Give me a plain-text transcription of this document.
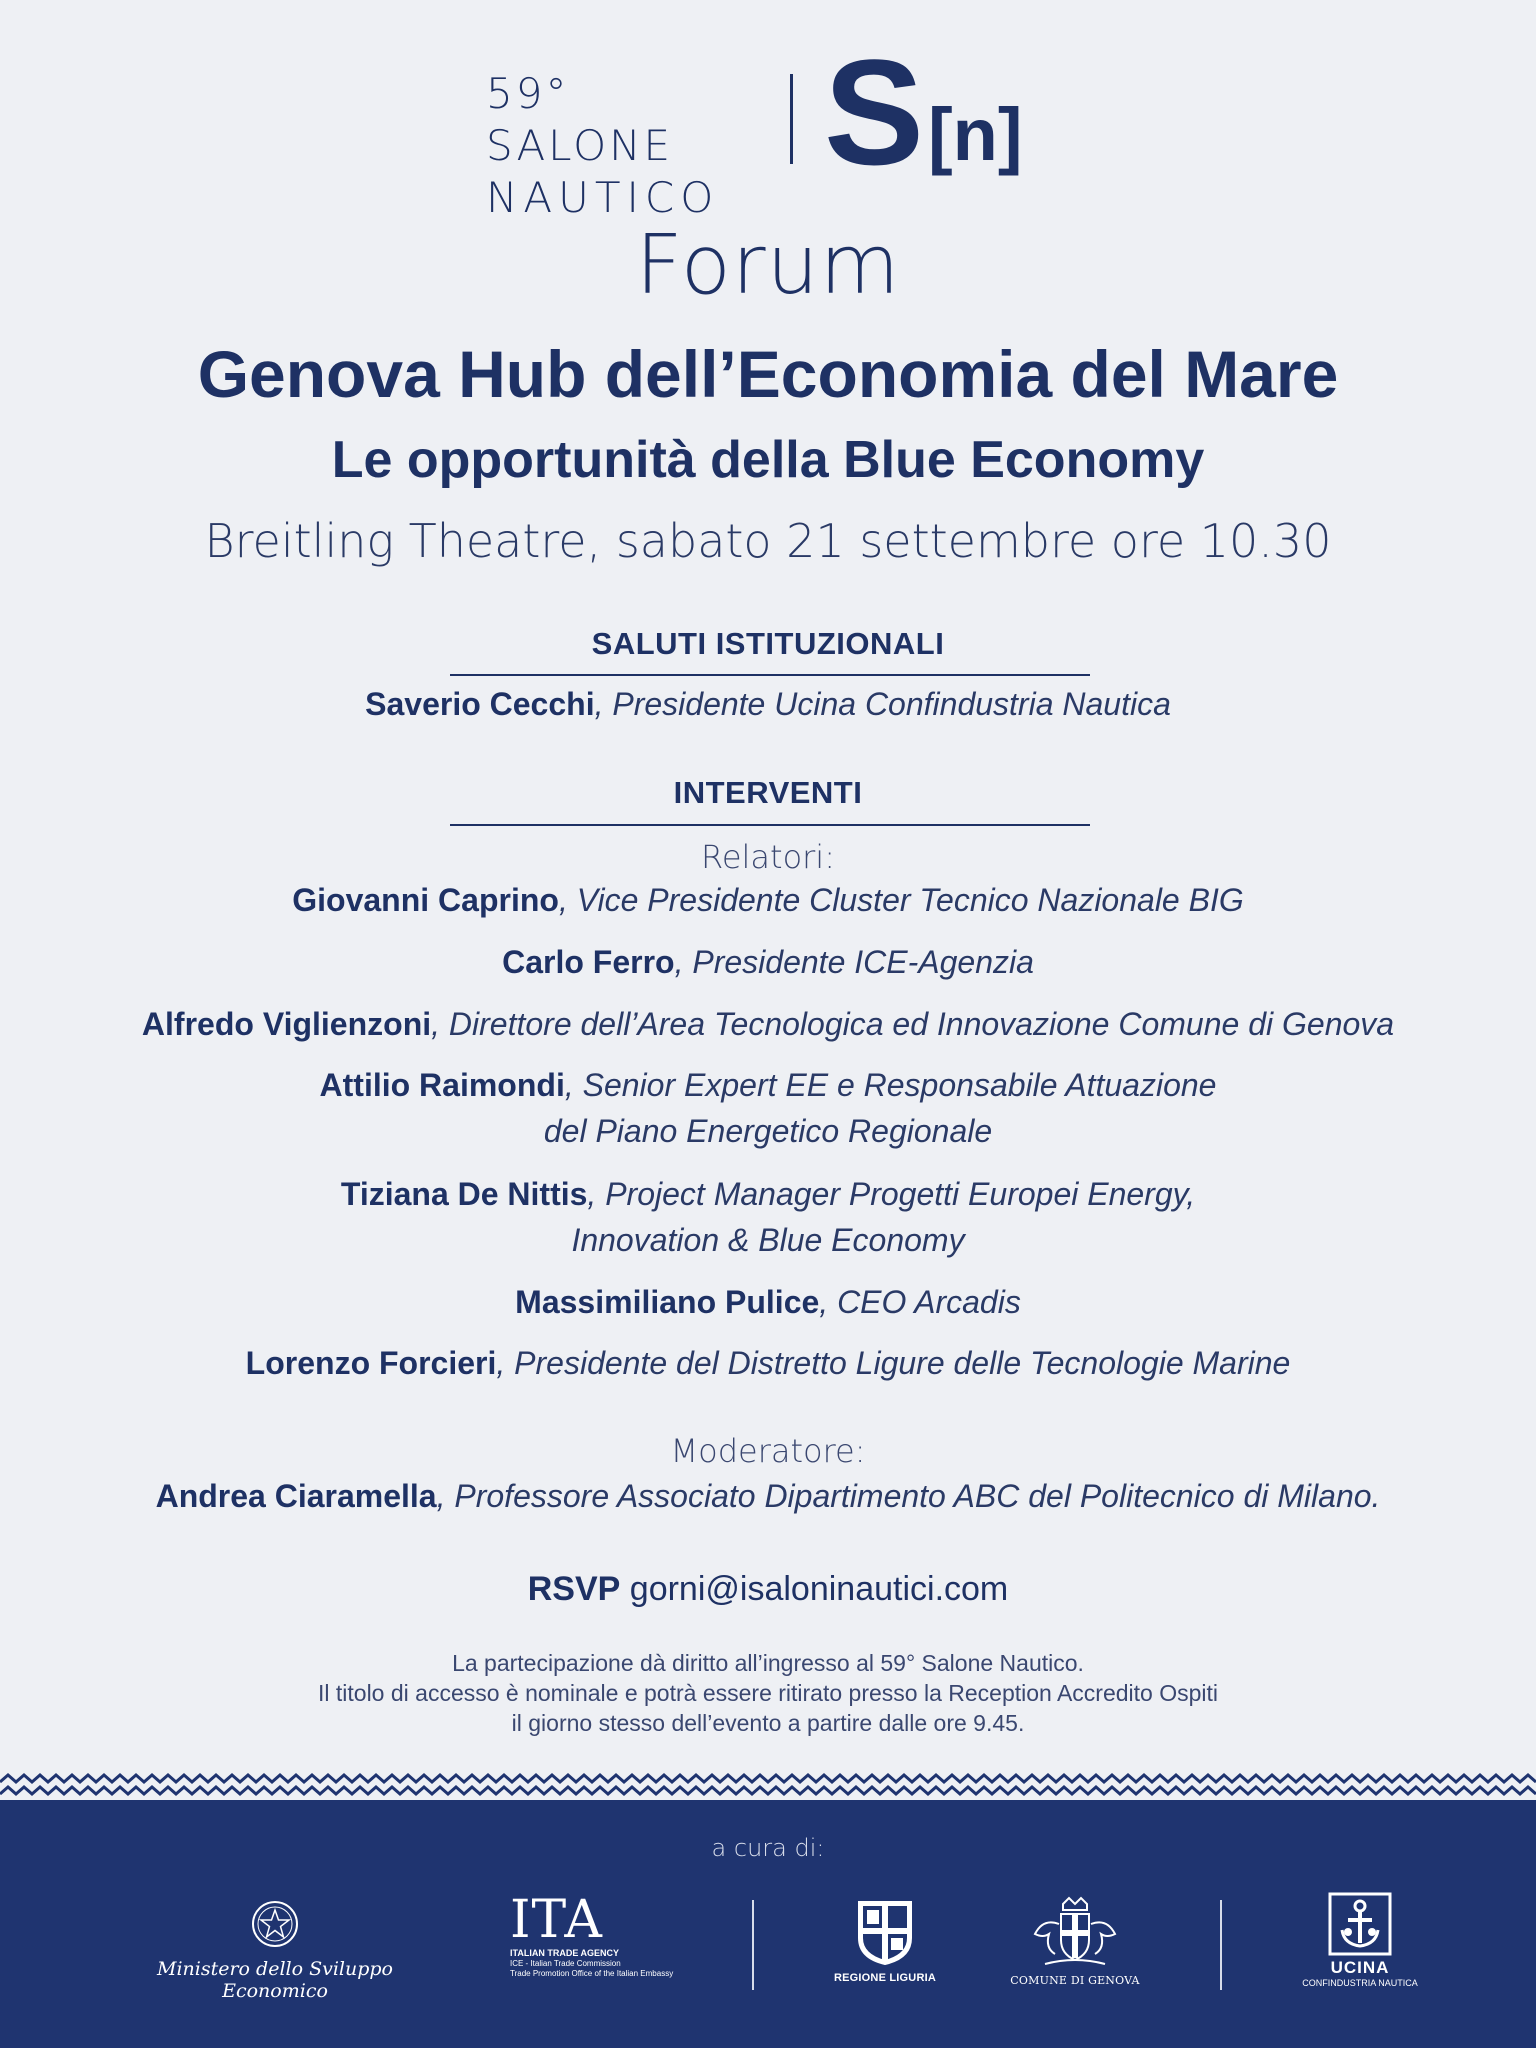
59° SALONE
NAUTICO
S [n]
Forum
Genova Hub dell’Economia del Mare
Le opportunità della Blue Economy
Breitling Theatre, sabato 21 settembre ore 10.30
SALUTI ISTITUZIONALI
Saverio Cecchi, Presidente Ucina Confindustria Nautica
INTERVENTI
Relatori:
Giovanni Caprino, Vice Presidente Cluster Tecnico Nazionale BIG
Carlo Ferro, Presidente ICE-Agenzia
Alfredo Viglienzoni, Direttore dell’Area Tecnologica ed Innovazione Comune di Genova
Attilio Raimondi, Senior Expert EE e Responsabile Attuazione
del Piano Energetico Regionale
Tiziana De Nittis, Project Manager Progetti Europei Energy,
Innovation & Blue Economy
Massimiliano Pulice, CEO Arcadis
Lorenzo Forcieri, Presidente del Distretto Ligure delle Tecnologie Marine
Moderatore:
Andrea Ciaramella, Professore Associato Dipartimento ABC del Politecnico di Milano.
RSVP gorni@isaloninautici.com
La partecipazione dà diritto all’ingresso al 59° Salone Nautico.
Il titolo di accesso è nominale e potrà essere ritirato presso la Reception Accredito Ospiti
il giorno stesso dell’evento a partire dalle ore 9.45.
a cura di:
Ministero dello Sviluppo Economico
ITA
ITALIAN TRADE AGENCY
ICE - Italian Trade Commission
Trade Promotion Office of the Italian Embassy	REGIONE LIGURIA	COMUNE DI GENOVA
UCINA
CONFINDUSTRIA NAUTICA
